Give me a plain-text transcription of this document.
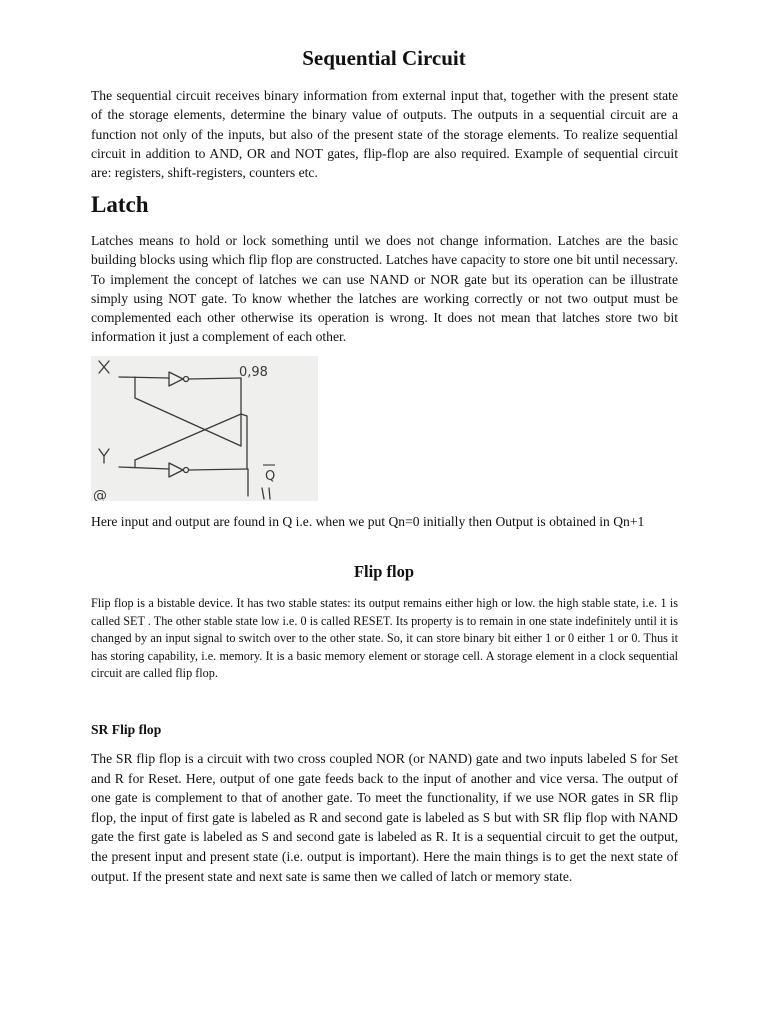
Sequential Circuit

The sequential circuit receives binary information from external input that, together with the present state of the storage elements, determine the binary value of outputs. The outputs in a sequential circuit are a function not only of the inputs, but also of the present state of the storage elements. To realize sequential circuit in addition to AND, OR and NOT gates, flip-flop are also required. Example of sequential circuit are: registers, shift-registers, counters etc.

Latch

Latches means to hold or lock something until we does not change information. Latches are the basic building blocks using which flip flop are constructed. Latches have capacity to store one bit until necessary. To implement the concept of latches we can use NAND or NOR gate but its operation can be illustrate simply using NOT gate. To know whether the latches are working correctly or not two output must be complemented each other otherwise its operation is wrong. It does not mean that latches store two bit information it just a complement of each other.

0,98
Q
@

Here input and output are found in Q i.e. when we put Qn=0 initially then Output is obtained in Qn+1

Flip flop

Flip flop is a bistable device. It has two stable states: its output remains either high or low. the high stable state, i.e. 1 is called SET . The other stable state low i.e. 0 is called RESET. Its property is to remain in one state indefinitely until it is changed by an input signal to switch over to the other state. So, it can store binary bit either 1 or 0 either 1 or 0. Thus it has storing capability, i.e. memory. It is a basic memory element or storage cell. A storage element in a clock sequential circuit are called flip flop.

SR Flip flop

The SR flip flop is a circuit with two cross coupled NOR (or NAND) gate and two inputs labeled S for Set and R for Reset. Here, output of one gate feeds back to the input of another and vice versa. The output of one gate is complement to that of another gate. To meet the functionality, if we use NOR gates in SR flip flop, the input of first gate is labeled as R and second gate is labeled as S but with SR flip flop with NAND gate the first gate is labeled as S and second gate is labeled as R. It is a sequential circuit to get the output, the present input and present state (i.e. output is important). Here the main things is to get the next state of output. If the present state and next sate is same then we called of latch or memory state.
